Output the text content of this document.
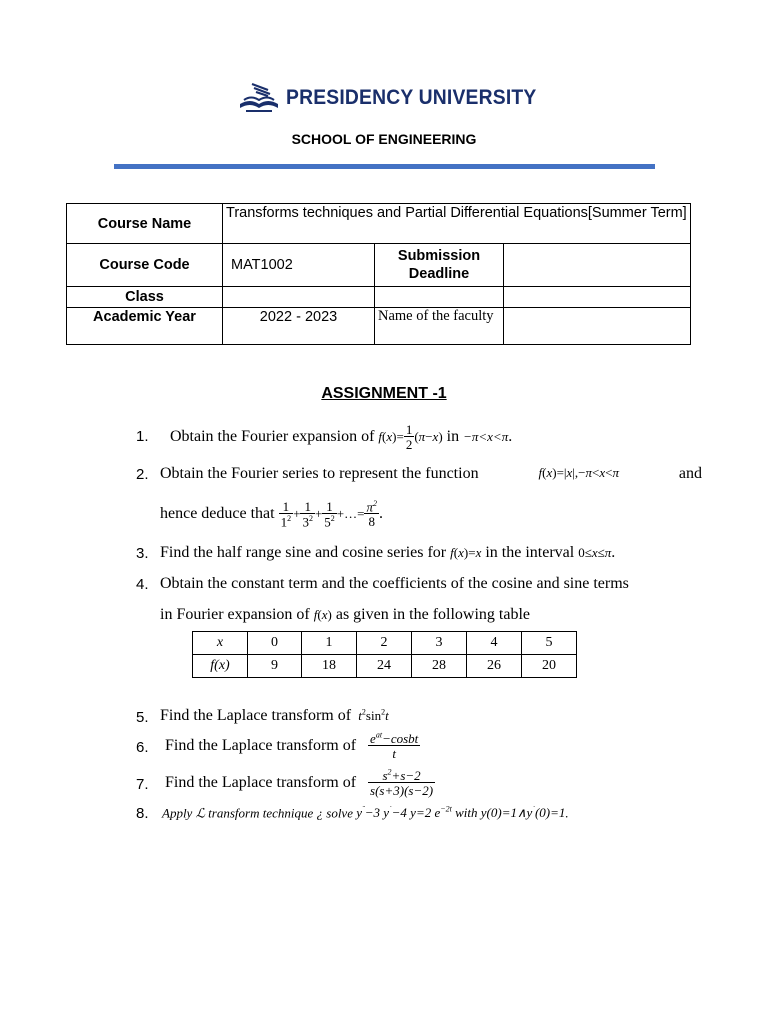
PRESIDENCY UNIVERSITY
SCHOOL OF ENGINEERING
Course Name	Transforms techniques and Partial Differential Equations[Summer Term]		
Course Code	MAT1002	Submission Deadline	
Class			
Academic Year	2022 - 2023	Name of the faculty	
ASSIGNMENT -1
1. Obtain the Fourier expansion of $f(x)= \frac{1}{2} (\pi-x)$ in −π<x<π.
2. Obtain the Fourier series to represent the function	f(x)=|x|,−π<x<π	and
hence deduce that $\frac{1}{1^2} + \frac{1}{3^2} + \frac{1}{5^2}$ +…= $\frac{\pi^2}{8}$ .
3. Find the half range sine and cosine series for f(x)=x in the interval 0≤x≤π.
4. Obtain the constant term and the coefficients of the cosine and sine terms
in Fourier expansion of f(x) as given in the following table
x	0	1	2	3	4	5
f(x)	9	18	24	28	26	20
5. Find the Laplace transform of $t^2\sin^2t$
6. Find the Laplace transform of $\frac{e^{at}-cosbt}{t}$
7. Find the Laplace transform of $\frac{s^2+s-2}{s(s+3)(s-2)}$
8. Apply ℒ transform technique ¿ solve y¨−3 y˙−4 y=2 $e^{-2t}$ with y(0)=1∧y˙(0)=1.
